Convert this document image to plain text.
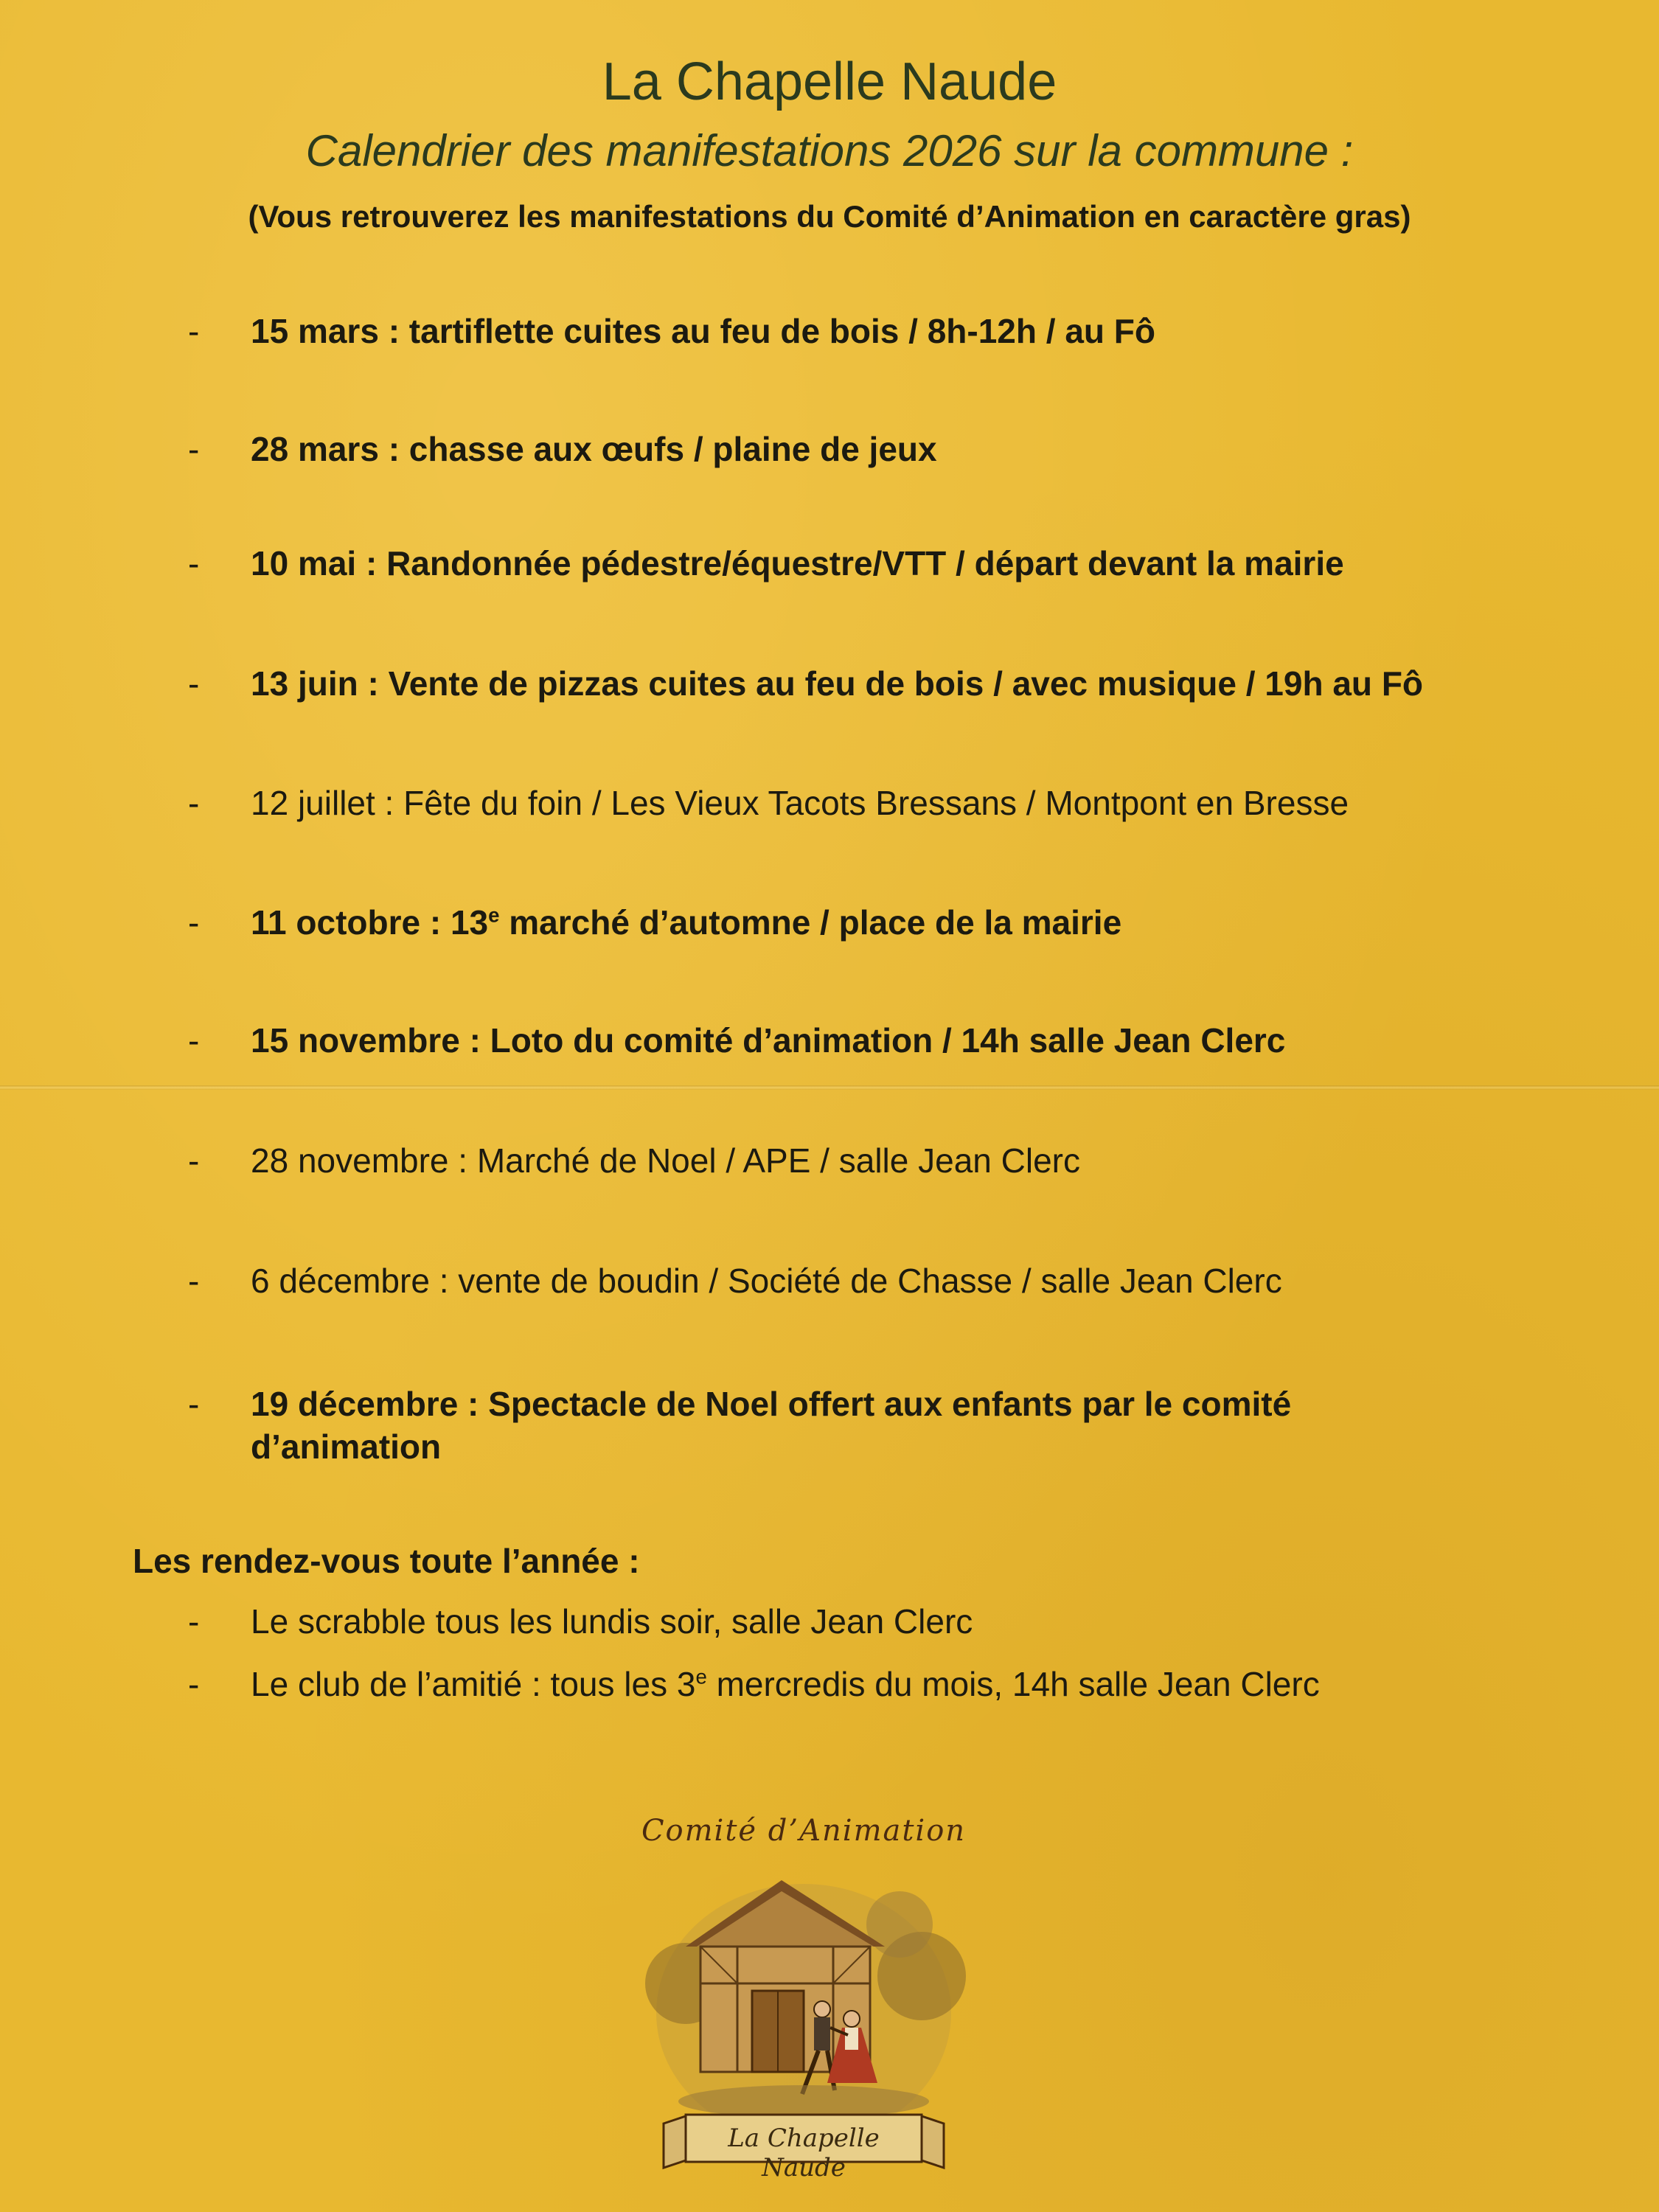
La Chapelle Naude
Calendrier des manifestations 2026 sur la commune :
(Vous retrouverez les manifestations du Comité d’Animation en caractère gras)
-	15 mars : tartiflette cuites au feu de bois / 8h-12h / au Fô
-	28 mars : chasse aux œufs / plaine de jeux
-	10 mai : Randonnée pédestre/équestre/VTT / départ devant la mairie
-	13 juin : Vente de pizzas cuites au feu de bois / avec musique / 19h au Fô
-	12 juillet : Fête du foin / Les Vieux Tacots Bressans / Montpont en Bresse
-	11 octobre : 13e marché d’automne / place de la mairie
-	15 novembre : Loto du comité d’animation / 14h salle Jean Clerc
-	28 novembre : Marché de Noel / APE / salle Jean Clerc
-	6 décembre : vente de boudin / Société de Chasse / salle Jean Clerc
-	19 décembre : Spectacle de Noel offert aux enfants par le comité d’animation
Les rendez-vous toute l’année :
-	Le scrabble tous les lundis soir, salle Jean Clerc
-	Le club de l’amitié : tous les 3e mercredis du mois, 14h salle Jean Clerc
Comité d’Animation
La Chapelle Naude
